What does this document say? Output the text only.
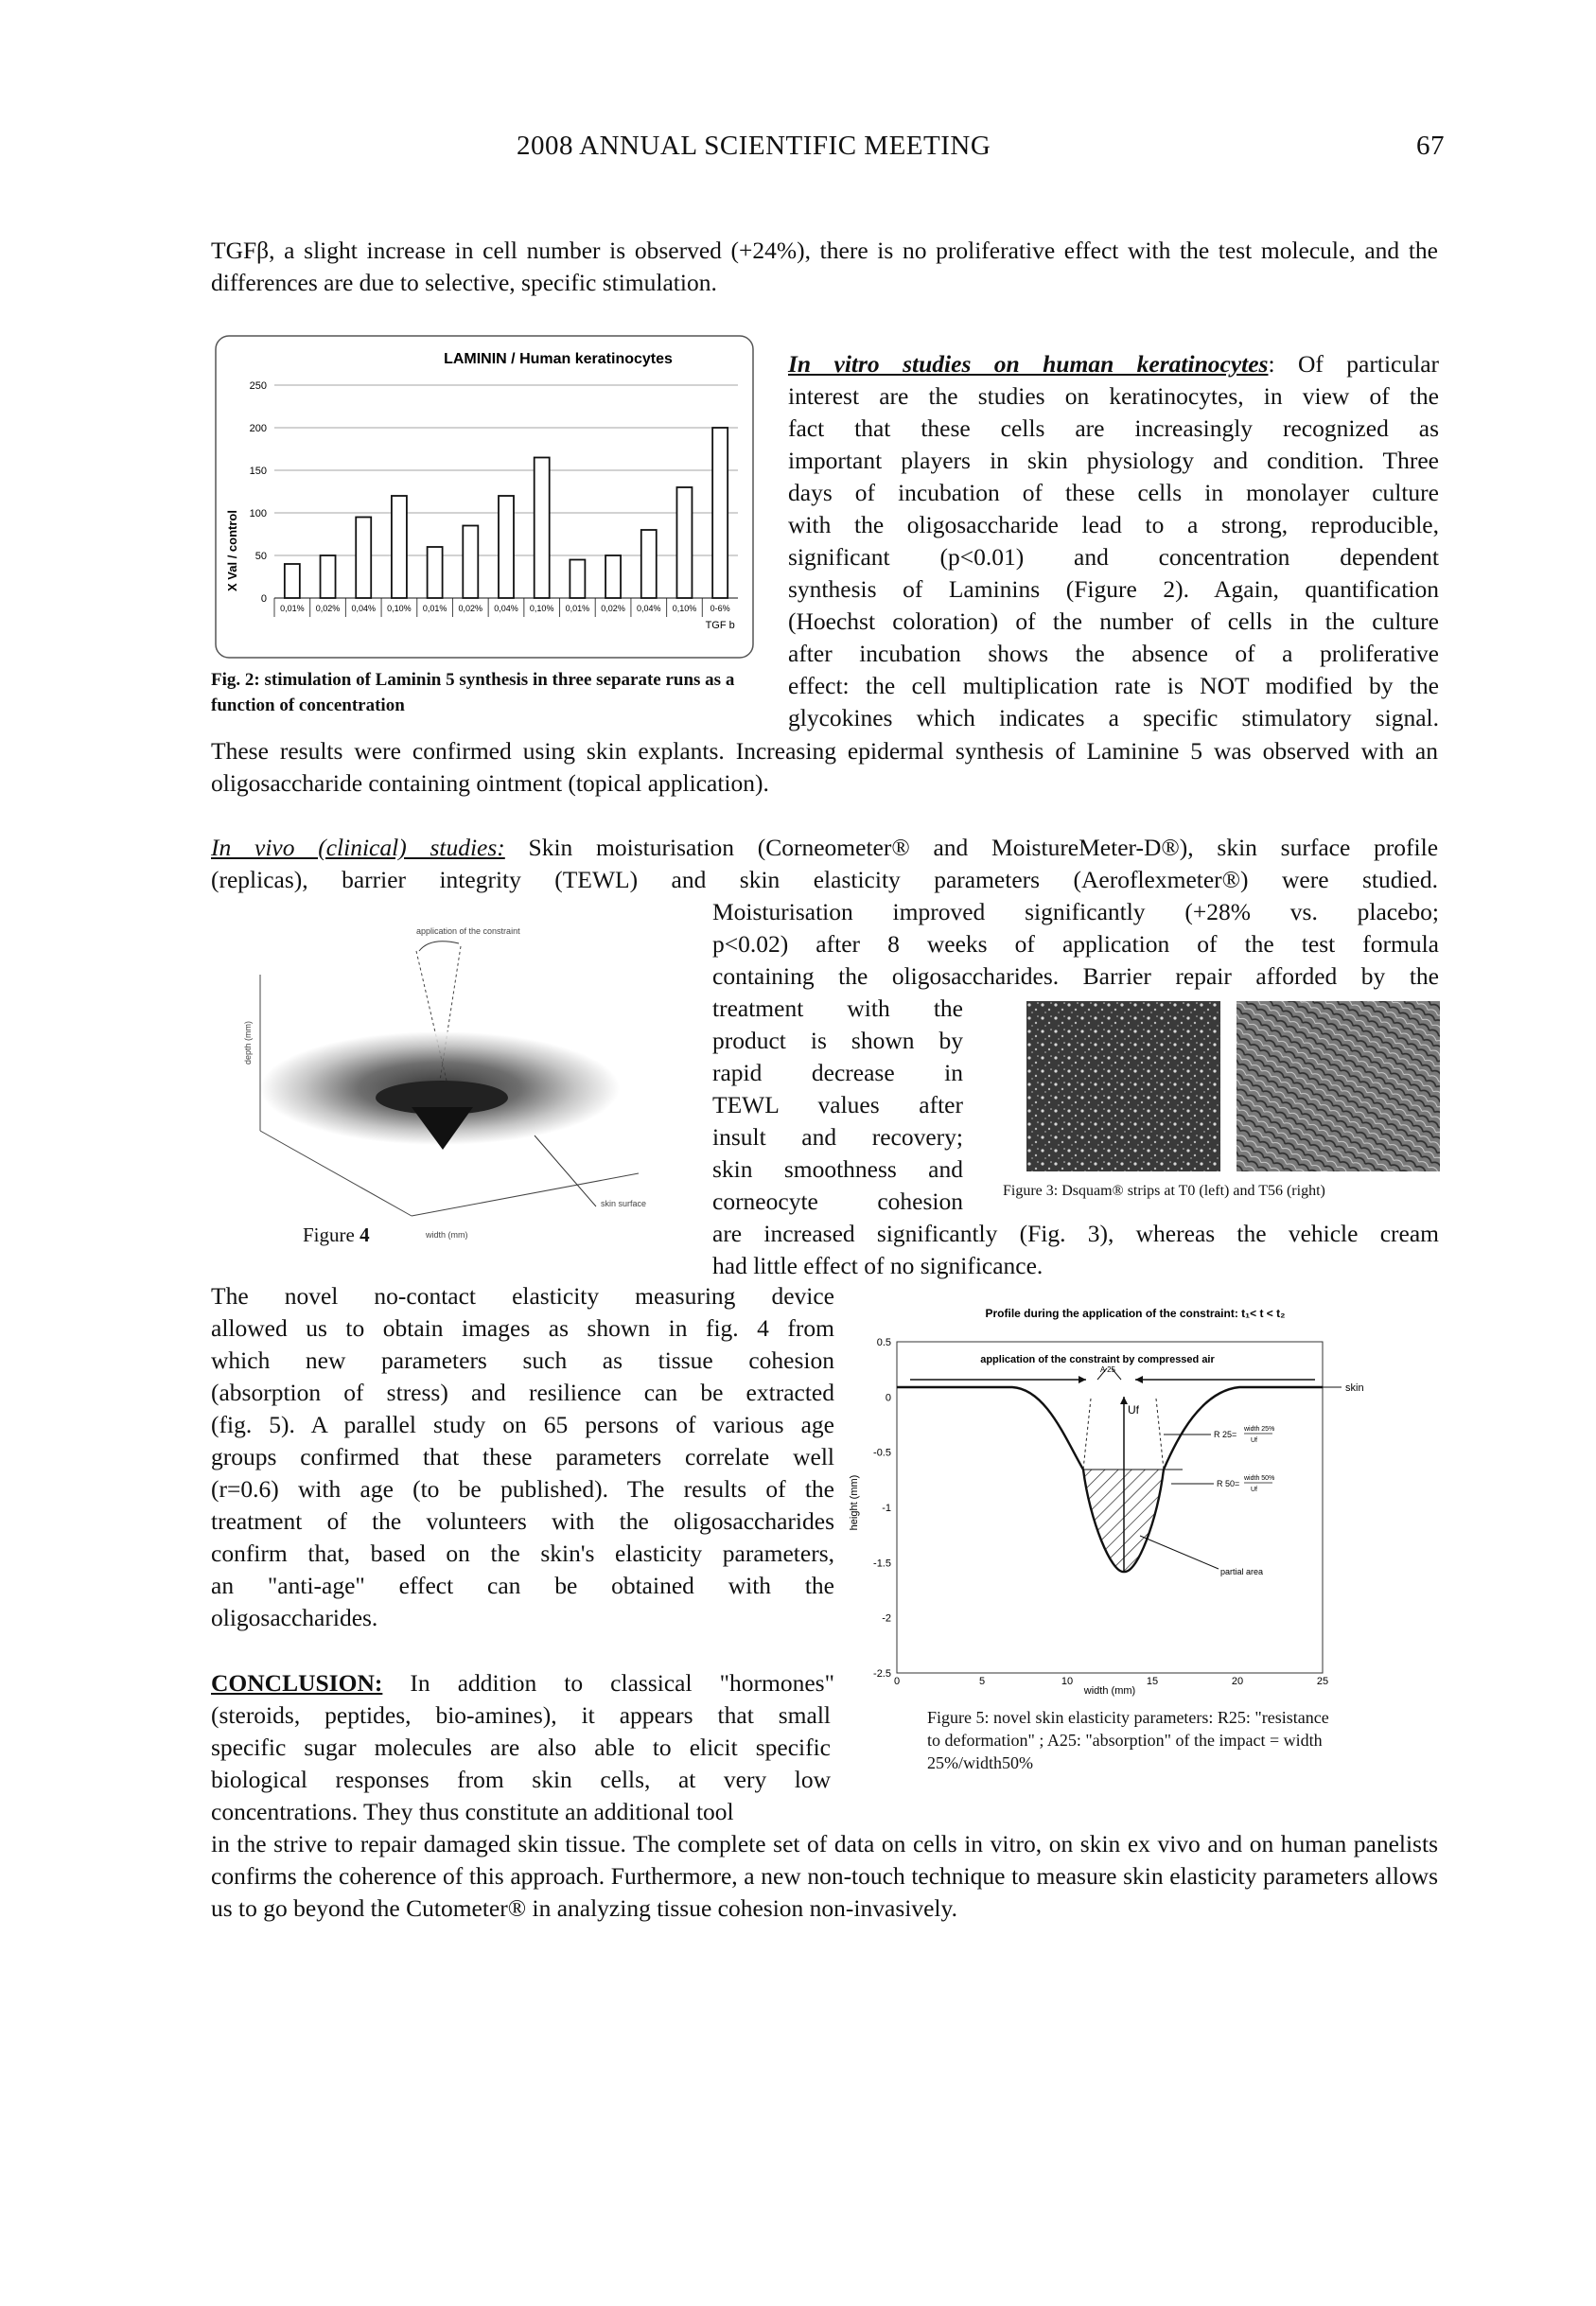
2008 ANNUAL SCIENTIFIC MEETING	67
TGFβ, a slight increase in cell number is observed (+24%), there is no proliferative effect with the test molecule, and the differences are due to selective, specific stimulation.
LAMININ / Human keratinocytes
X Val / control
250
200
150
100
50
0
0,01% 0,02% 0,04% 0,10% 0,01% 0,02% 0,04% 0,10% 0,01% 0,02% 0,04% 0,10% 0-6%
TGF b
Fig. 2: stimulation of Laminin 5 synthesis in three separate runs as a function of concentration
In vitro studies on human keratinocytes: Of particular
interest are the studies on keratinocytes, in view of the
fact that these cells are increasingly recognized as
important players in skin physiology and condition. Three
days of incubation of these cells in monolayer culture
with the oligosaccharide lead to a strong, reproducible,
significant (p<0.01) and concentration dependent
synthesis of Laminins (Figure 2). Again, quantification
(Hoechst coloration) of the number of cells in the culture
after incubation shows the absence of a proliferative
effect: the cell multiplication rate is NOT modified by the
glycokines which indicates a specific stimulatory signal.
These results were confirmed using skin explants. Increasing epidermal synthesis of Laminine 5 was observed with an oligosaccharide containing ointment (topical application).
In vivo (clinical) studies: Skin moisturisation (Corneometer® and MoistureMeter-D®), skin surface profile
(replicas), barrier integrity (TEWL) and skin elasticity parameters (Aeroflexmeter®) were studied.
Moisturisation improved significantly (+28% vs. placebo;
p<0.02) after 8 weeks of application of the test formula
containing the oligosaccharides. Barrier repair afforded by the
treatment with the
product is shown by
rapid decrease in
TEWL values after
insult and recovery;
skin smoothness and
corneocyte cohesion
are increased significantly (Fig. 3), whereas the vehicle cream
had little effect of no significance.
Figure 3: Dsquam® strips at T0 (left) and T56 (right)
application of the constraint
depth (mm)
skin surface
width (mm)
Figure 4
The novel no-contact elasticity measuring device
allowed us to obtain images as shown in fig. 4 from
which new parameters such as tissue cohesion
(absorption of stress) and resilience can be extracted
(fig. 5). A parallel study on 65 persons of various age
groups confirmed that these parameters correlate well
(r=0.6) with age (to be published). The results of the
treatment of the volunteers with the oligosaccharides
confirm that, based on the skin's elasticity parameters,
an "anti-age" effect can be obtained with the
oligosaccharides.
Profile during the application of the constraint: t₁< t < t₂
application of the constraint by compressed air
0.5
0
-0.5
-1
-1.5
-2
-2.5
0	5	10	15	20	25
height (mm)
width (mm)
skin
A 25
Uf
R 25=
width 25%
Uf
R 50=
width 50%
Uf
partial area
Figure 5: novel skin elasticity parameters: R25: "resistance
to deformation" ; A25: "absorption" of the impact = width
25%/width50%
CONCLUSION: In addition to classical "hormones"
(steroids, peptides, bio-amines), it appears that small
specific sugar molecules are also able to elicit specific
biological responses from skin cells, at very low
concentrations. They thus constitute an additional tool
in the strive to repair damaged skin tissue. The complete set of data on cells in vitro, on skin ex vivo and on human panelists confirms the coherence of this approach. Furthermore, a new non-touch technique to measure skin elasticity parameters allows us to go beyond the Cutometer® in analyzing tissue cohesion non-invasively.
